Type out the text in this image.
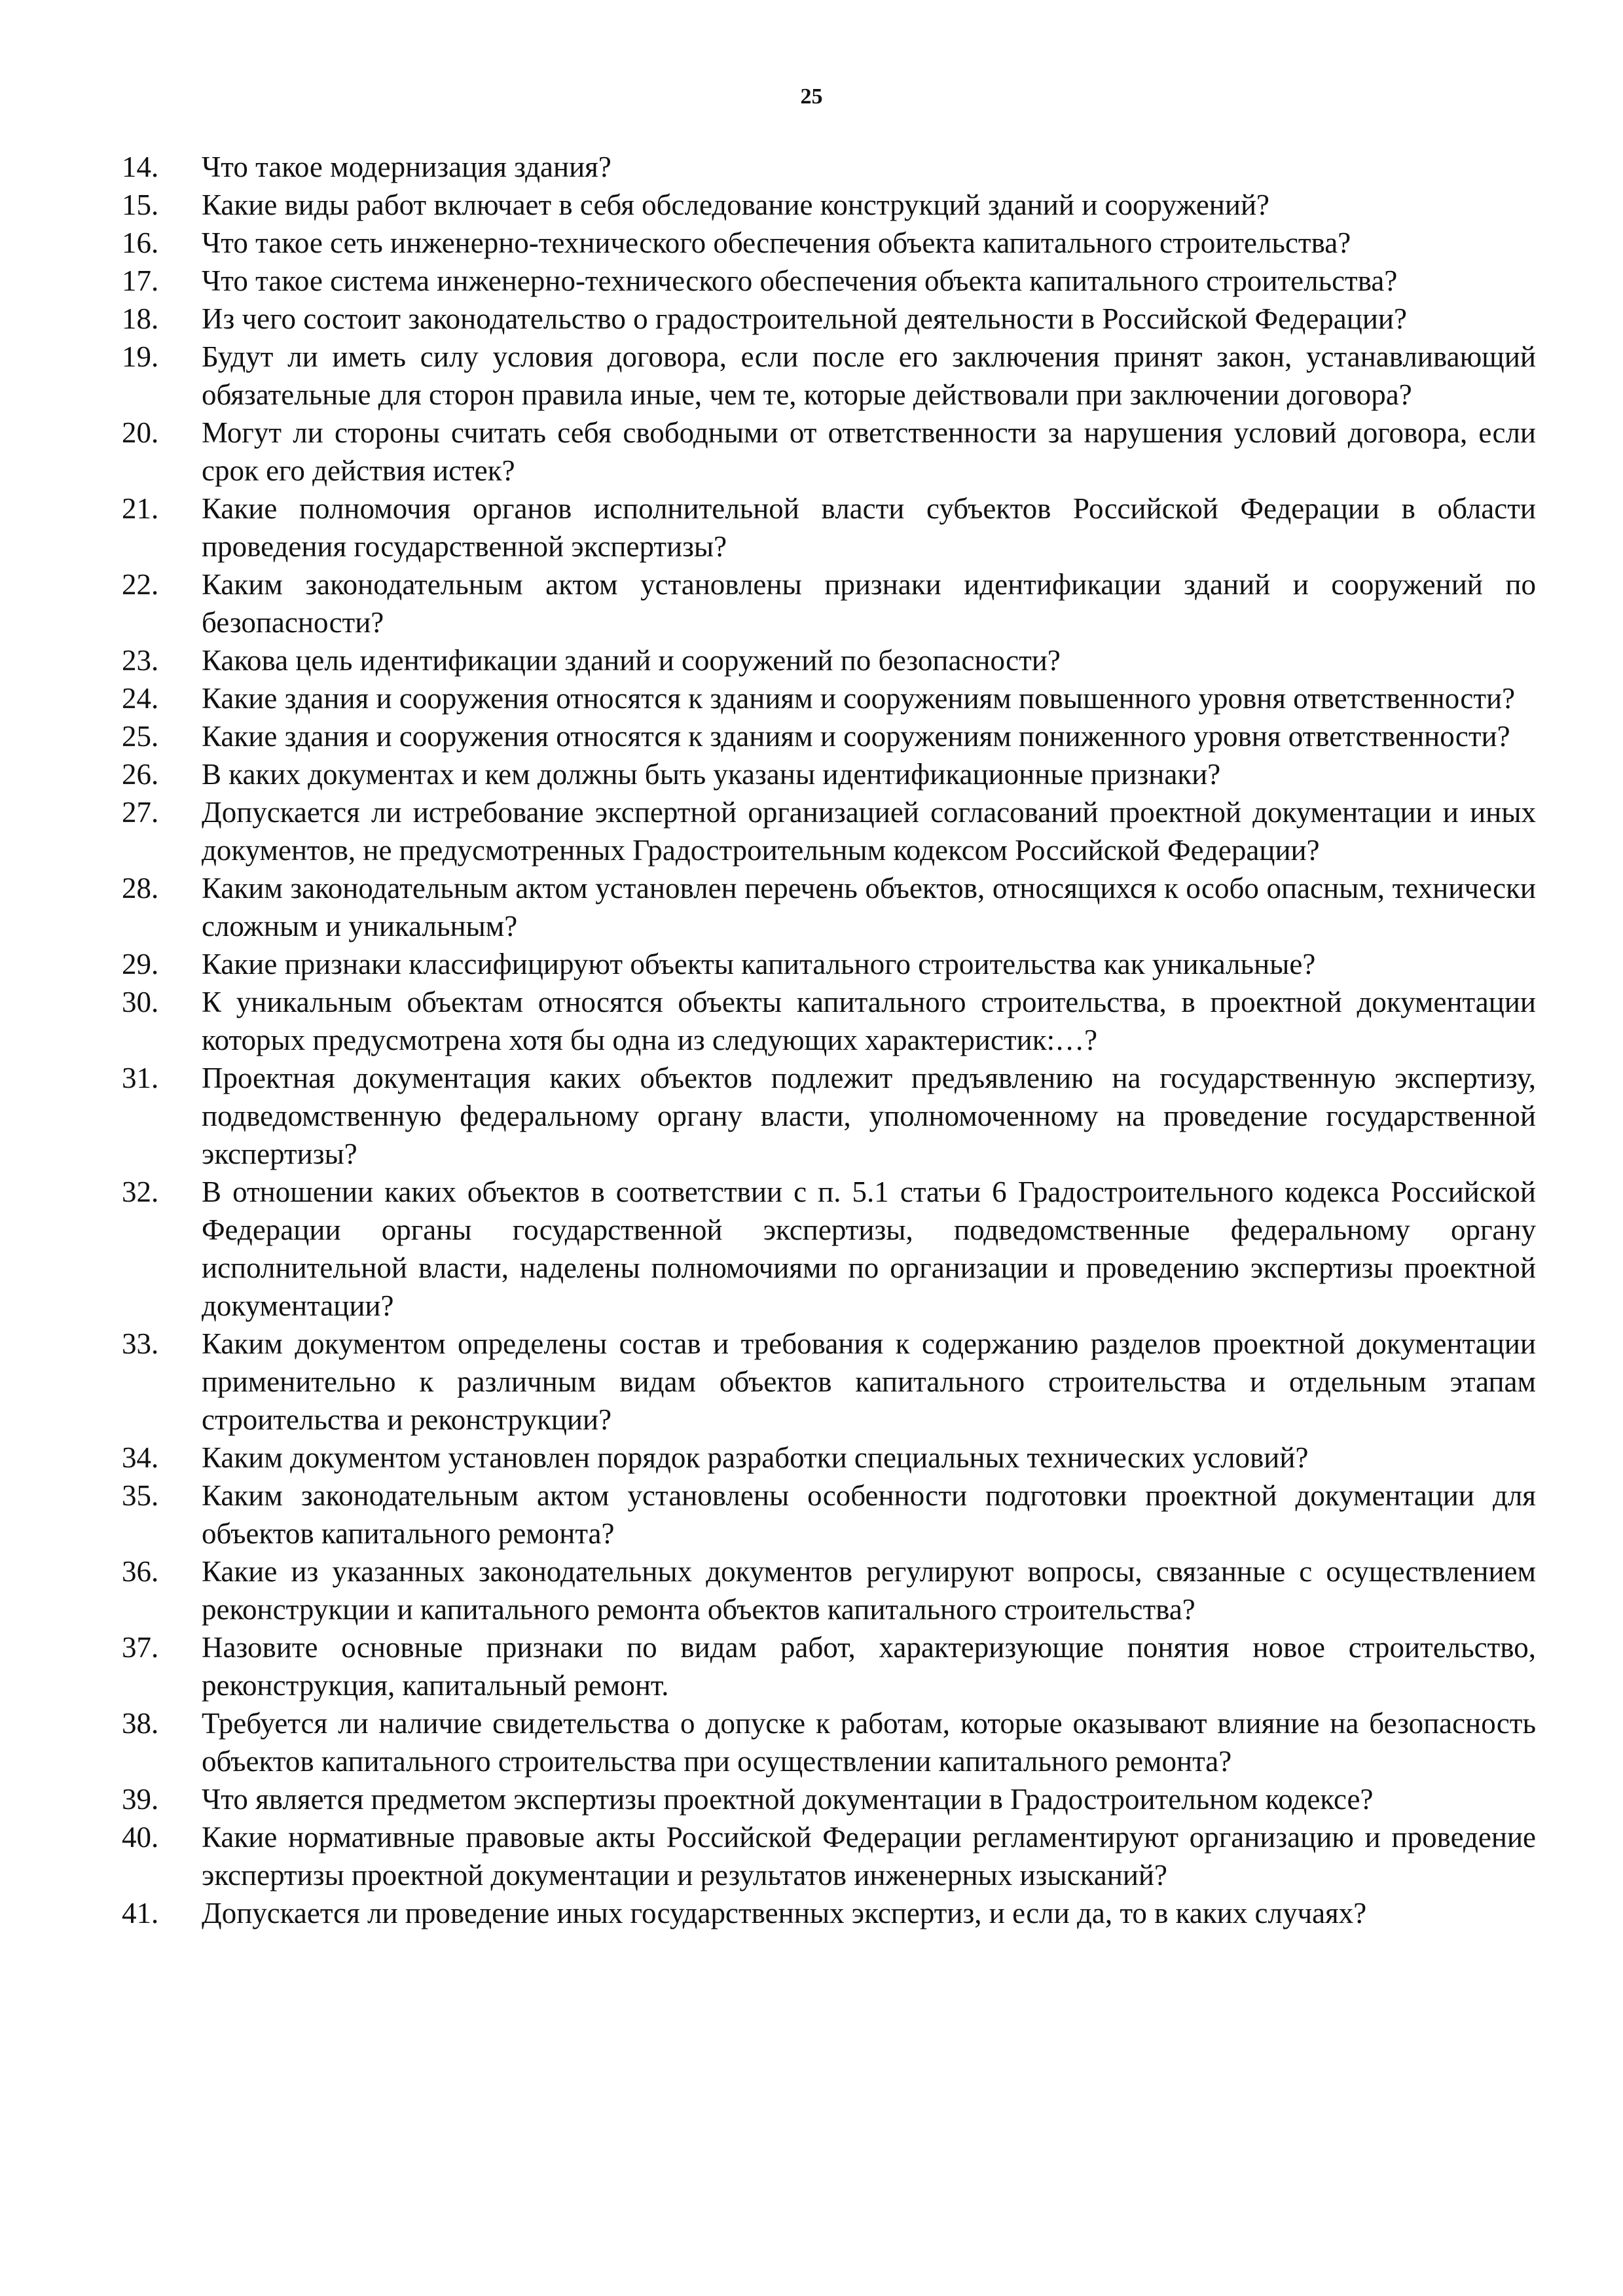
25
14.	Что такое модернизация здания?
15.	Какие виды работ включает в себя обследование конструкций зданий и сооружений?
16.	Что такое сеть инженерно-технического обеспечения объекта капитального строительства?
17.	Что такое система инженерно-технического обеспечения объекта капитального строительства?
18.	Из чего состоит законодательство о градостроительной деятельности в Российской Федерации?
19.	Будут ли иметь силу условия договора, если после его заключения принят закон, устанавливающий обязательные для сторон правила иные, чем те, которые действовали при заключении договора?
20.	Могут ли стороны считать себя свободными от ответственности за нарушения условий договора, если срок его действия истек?
21.	Какие полномочия органов исполнительной власти субъектов Российской Федерации в области проведения государственной экспертизы?
22.	Каким законодательным актом установлены признаки идентификации зданий и сооружений по безопасности?
23.	Какова цель идентификации зданий и сооружений по безопасности?
24.	Какие здания и сооружения относятся к зданиям и сооружениям повышенного уровня ответственности?
25.	Какие здания и сооружения относятся к зданиям и сооружениям пониженного уровня ответственности?
26.	В каких документах и кем должны быть указаны идентификационные признаки?
27.	Допускается ли истребование экспертной организацией согласований проектной документации и иных документов, не предусмотренных Градостроительным кодексом Российской Федерации?
28.	Каким законодательным актом установлен перечень объектов, относящихся к особо опасным, технически сложным и уникальным?
29.	Какие признаки классифицируют объекты капитального строительства как уникальные?
30.	К уникальным объектам относятся объекты капитального строительства, в проектной документации которых предусмотрена хотя бы одна из следующих характеристик:…?
31.	Проектная документация каких объектов подлежит предъявлению на государственную экспертизу, подведомственную федеральному органу власти, уполномоченному на проведение государственной экспертизы?
32.	В отношении каких объектов в соответствии с п. 5.1 статьи 6 Градостроительного кодекса Российской Федерации органы государственной экспертизы, подведомственные федеральному органу исполнительной власти, наделены полномочиями по организации и проведению экспертизы проектной документации?
33.	Каким документом определены состав и требования к содержанию разделов проектной документации применительно к различным видам объектов капитального строительства и отдельным этапам строительства и реконструкции?
34.	Каким документом установлен порядок разработки специальных технических условий?
35.	Каким законодательным актом установлены особенности подготовки проектной документации для объектов капитального ремонта?
36.	Какие из указанных законодательных документов регулируют вопросы, связанные с осуществлением реконструкции и капитального ремонта объектов капитального строительства?
37.	Назовите основные признаки по видам работ, характеризующие понятия новое строительство, реконструкция, капитальный ремонт.
38.	Требуется ли наличие свидетельства о допуске к работам, которые оказывают влияние на безопасность объектов капитального строительства при осуществлении капитального ремонта?
39.	Что является предметом экспертизы проектной документации в Градостроительном кодексе?
40.	Какие нормативные правовые акты Российской Федерации регламентируют организацию и проведение экспертизы проектной документации и результатов инженерных изысканий?
41.	Допускается ли проведение иных государственных экспертиз, и если да, то в каких случаях?
